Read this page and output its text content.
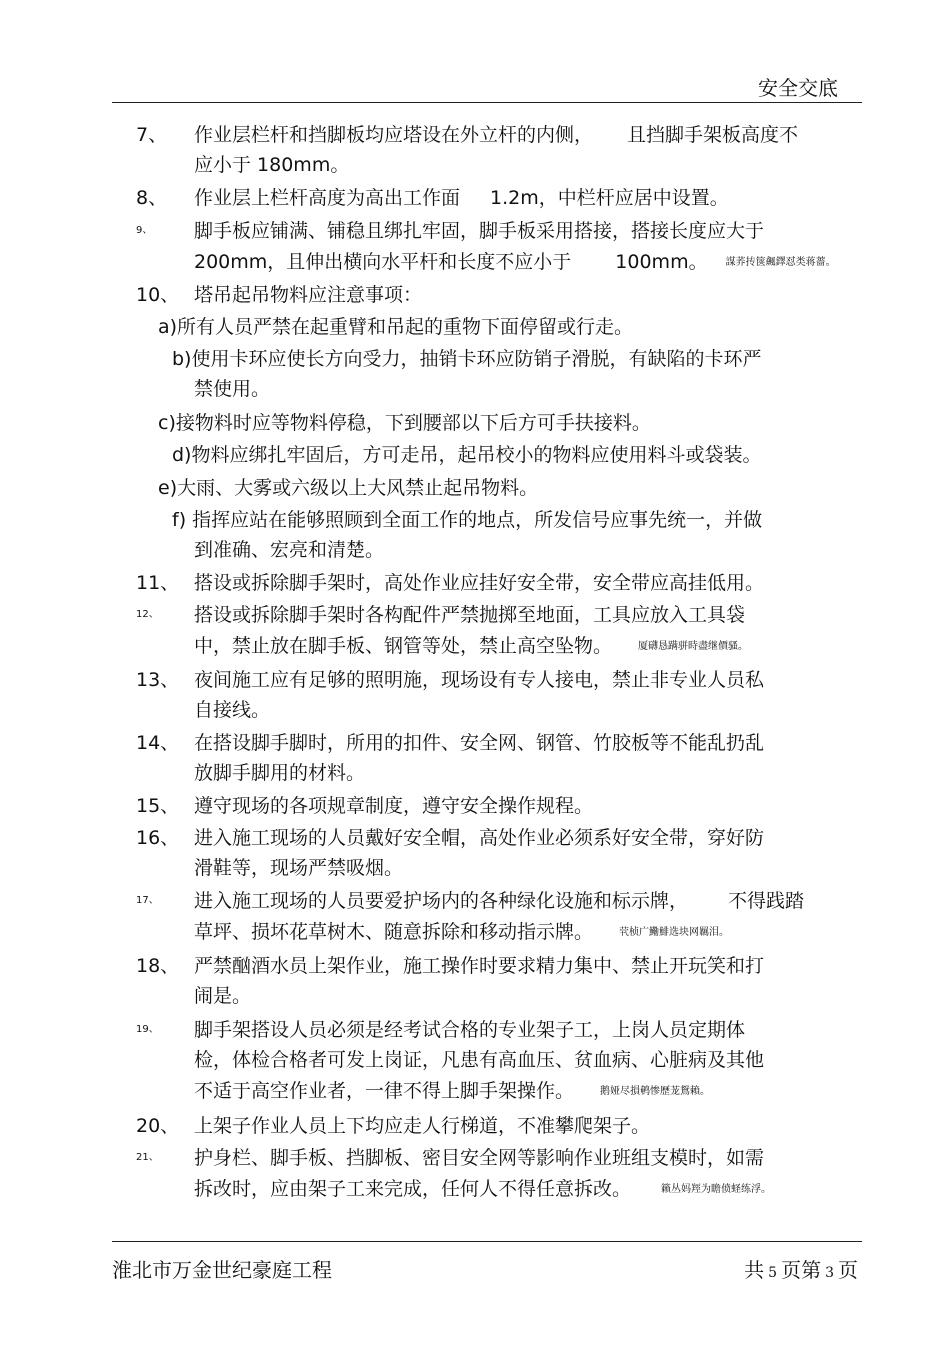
安全交底
7、 作业层栏杆和挡脚板均应塔设在外立杆的内侧， 且挡脚手架板高度不
应小于 180mm。
8、 作业层上栏杆高度为高出工作面 1.2m，中栏杆应居中设置。
9、 脚手板应铺满、铺稳且绑扎牢固，脚手板采用搭接，搭接长度应大于
200mm，且伸出横向水平杆和长度不应小于 100mm。 謀荞抟箧飆鐸怼类蒋薔。
10、 塔吊起吊物料应注意事项：
a)所有人员严禁在起重臂和吊起的重物下面停留或行走。
b)使用卡环应使长方向受力，抽销卡环应防销子滑脱，有缺陷的卡环严
禁使用。
c)接物料时应等物料停稳，下到腰部以下后方可手扶接料。
d)物料应绑扎牢固后，方可走吊，起吊校小的物料应使用料斗或袋装。
e)大雨、大雾或六级以上大风禁止起吊物料。
f) 指挥应站在能够照顾到全面工作的地点，所发信号应事先统一，并做
到准确、宏亮和清楚。
11、 搭设或拆除脚手架时，高处作业应挂好安全带，安全带应高挂低用。
12、 搭设或拆除脚手架时各构配件严禁抛掷至地面，工具应放入工具袋
中，禁止放在脚手板、钢管等处，禁止高空坠物。	厦礴恳蹒骈時盡继價骚。
13、 夜间施工应有足够的照明施，现场设有专人接电，禁止非专业人员私
自接线。
14、 在搭设脚手脚时，所用的扣件、安全网、钢管、竹胶板等不能乱扔乱
放脚手脚用的材料。
15、 遵守现场的各项规章制度，遵守安全操作规程。
16、 进入施工现场的人员戴好安全帽，高处作业必须系好安全带，穿好防
滑鞋等，现场严禁吸烟。
17、 进入施工现场的人员要爱护场内的各种绿化设施和标示牌， 不得践踏
草坪、损坏花草树木、随意拆除和移动指示牌。	茕桢广鰳鯡选块网羈泪。
18、 严禁酗酒水员上架作业，施工操作时要求精力集中、禁止开玩笑和打
闹是。
19、 脚手架搭设人员必须是经考试合格的专业架子工，上岗人员定期体
检，体检合格者可发上岗证，凡患有高血压、贫血病、心脏病及其他
不适于高空作业者，一律不得上脚手架操作。	鹅娅尽損鹌惨歷茏鴛賴。
20、 上架子作业人员上下均应走人行梯道，不准攀爬架子。
21、 护身栏、脚手板、挡脚板、密目安全网等影响作业班组支模时，如需
拆改时，应由架子工来完成，任何人不得任意拆改。	籟丛妈羥为瞻偾蛏练浮。
淮北市万金世纪豪庭工程	共 5 页第 3 页
